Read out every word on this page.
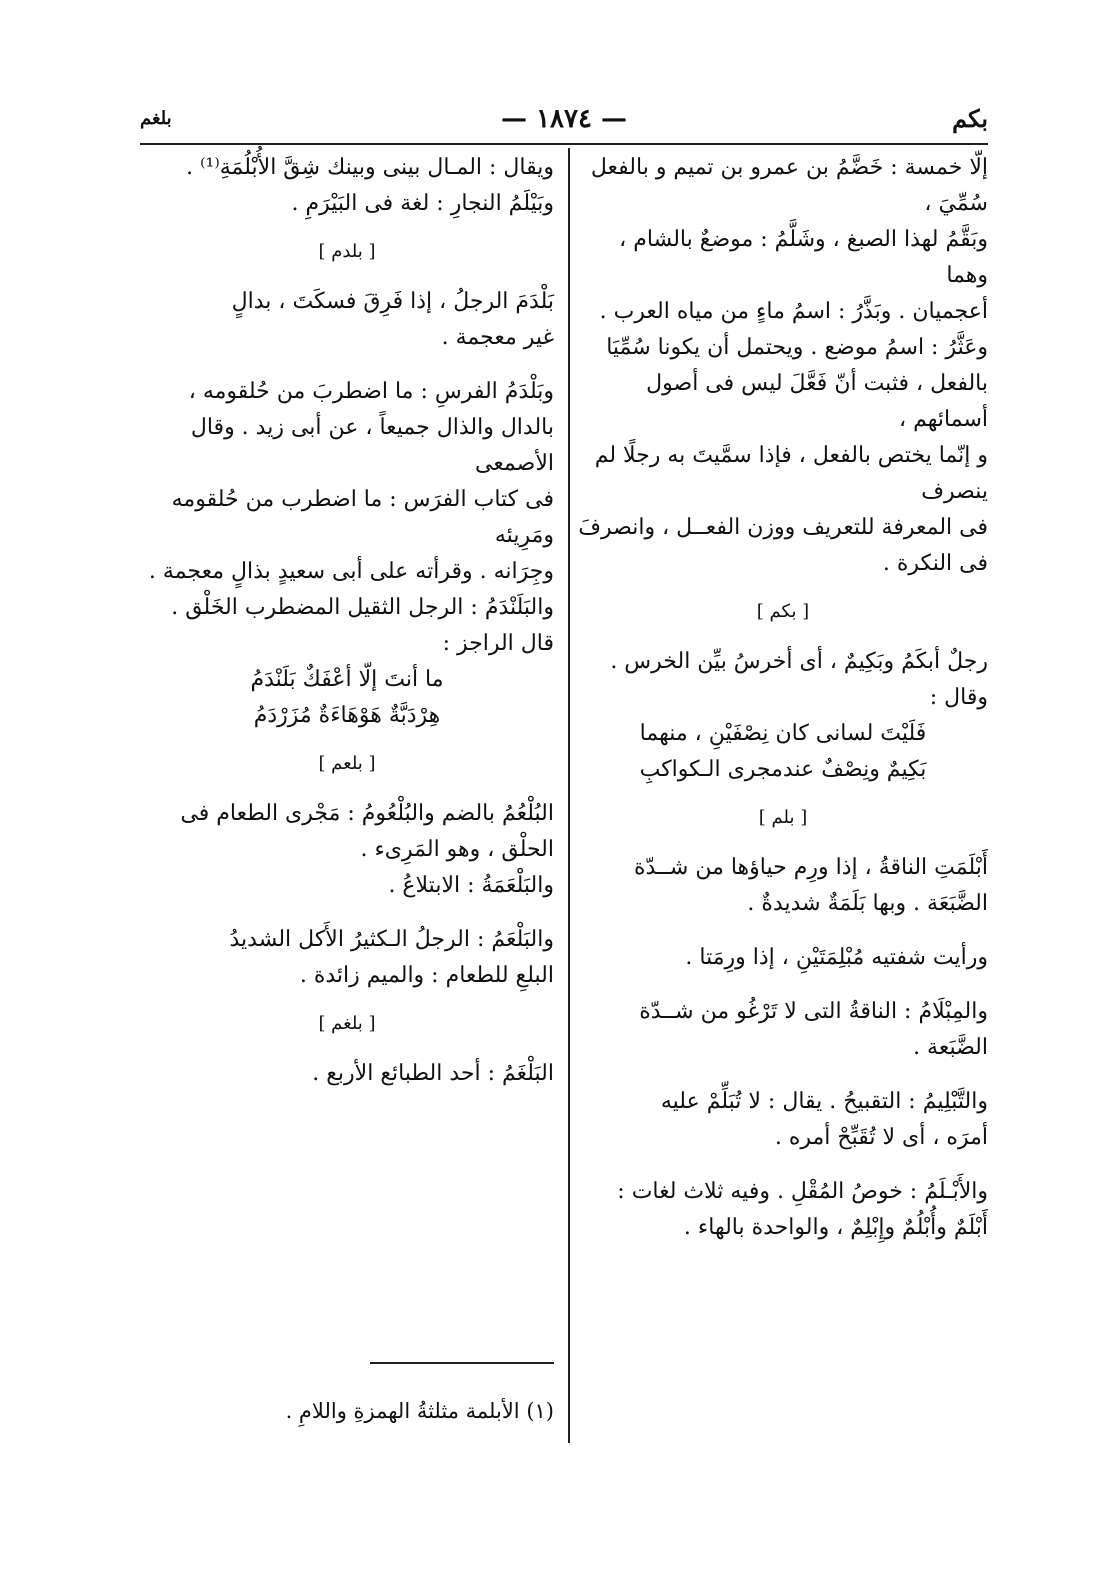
بكم
— ١٨٧٤ —
بلغم

إلّا خمسة : خَضَّمُ بن عمرو بن تميم و بالفعل سُمِّيَ ،

وبَقَّمُ لهذا الصبغ ، وشَلَّمُ : موضعٌ بالشام ، وهما

أعجميان . وبَذَّرُ : اسمُ ماءٍ من مياه العرب .

وعَثَّرُ : اسمُ موضع . ويحتمل أن يكونا سُمِّيَا

بالفعل ، فثبت أنّ فَعَّلَ ليس فى أصول أسمائهم ،

و إنّما يختص بالفعل ، فإذا سمَّيتَ به رجلًا لم ينصرف

فى المعرفة للتعريف ووزن الفعــل ، وانصرفَ

فى النكرة .

[ بكم ]

رجلٌ أبكَمُ وبَكِيمٌ ، أى أخرسُ بيِّن الخرس .

وقال :

فَلَيْتَ لسانى كان نِصْفَيْنِ ، منهما

بَكِيمٌ ونِصْفٌ عندمجرى الـكواكبِ

[ بلم ]

أَبْلَمَتِ الناقةُ ، إذا ورِم حياؤها من شــدّة

الضَّبَعَة . وبها بَلَمَةٌ شديدةٌ .

ورأيت شفتيه مُبْلِمَتَيْنِ ، إذا ورِمَتا .

والمِبْلَامُ : الناقةُ التى لا تَرْغُو من شــدّة

الضَّبَعة .

والتَّبْلِيمُ : التقبيحُ . يقال : لا تُبَلِّمْ عليه

أمرَه ، أى لا تُقَبِّحْ أمره .

والأَبْـلَمُ : خوصُ المُقْلِ . وفيه ثلاث لغات :

أَبْلَمٌ وأُبْلُمٌ وإِبْلِمٌ ، والواحدة بالهاء .

ويقال : المـال بينى وبينك شِقَّ الأُبْلُمَةِ⁽¹⁾ .

وبَيْلَمُ النجارِ : لغة فى البَيْرَمِ .

[ بلدم ]

بَلْدَمَ الرجلُ ، إذا فَرِقَ فسكَتَ ، بدالٍ

غير معجمة .

وبَلْدَمُ الفرسِ : ما اضطربَ من حُلقومه ،

بالدال والذال جميعاً ، عن أبى زيد . وقال الأصمعى

فى كتاب الفرَس : ما اضطرب من حُلقومه ومَرِيئه

وجِرَانه . وقرأته على أبى سعيدٍ بذالٍ معجمة .

والبَلَنْدَمُ : الرجل الثقيل المضطرب الخَلْق .

قال الراجز :

ما أنتَ إلّا أعْفَكٌ بَلَنْدَمُ

هِرْدَبَّةٌ هَوْهَاءَةٌ مُزَرْدَمُ

[ بلعم ]

البُلْعُمُ بالضم والبُلْعُومُ : مَجْرى الطعام فى

الحلْق ، وهو المَرِىء .

والبَلْعَمَةُ : الابتلاعُ .

والبَلْعَمُ : الرجلُ الـكثيرُ الأَكل الشديدُ

البلعِ للطعام : والميم زائدة .

[ بلغم ]

البَلْغَمُ : أحد الطبائع الأربع .

(١) الأبلمة مثلثةُ الهمزةِ واللامِ .
